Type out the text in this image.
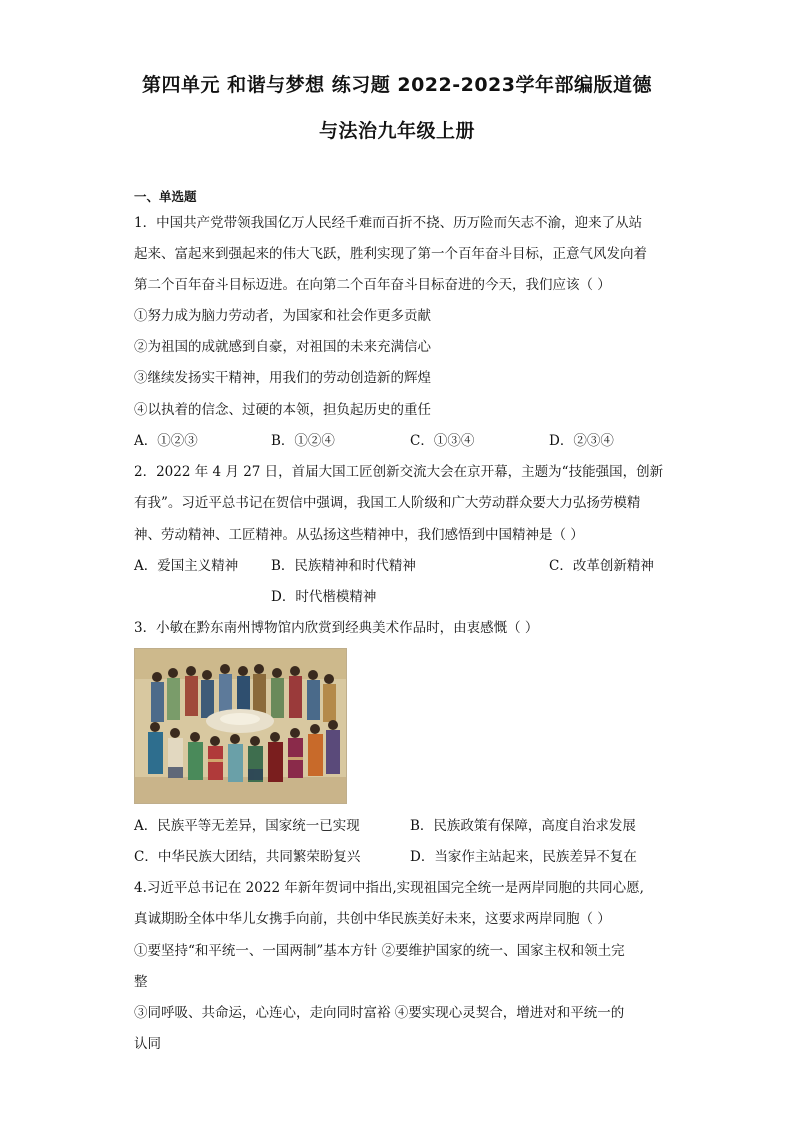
第四单元 和谐与梦想 练习题 2022-2023学年部编版道德
与法治九年级上册
一、单选题
1．中国共产党带领我国亿万人民经千难而百折不挠、历万险而矢志不渝，迎来了从站
起来、富起来到强起来的伟大飞跃，胜利实现了第一个百年奋斗目标，正意气风发向着
第二个百年奋斗目标迈进。在向第二个百年奋斗目标奋进的今天，我们应该（ ）
①努力成为脑力劳动者，为国家和社会作更多贡献
②为祖国的成就感到自豪，对祖国的未来充满信心
③继续发扬实干精神，用我们的劳动创造新的辉煌
④以执着的信念、过硬的本领，担负起历史的重任
A．①②③	B．①②④	C．①③④	D．②③④
2．2022 年 4 月 27 日，首届大国工匠创新交流大会在京开幕，主题为“技能强国，创新
有我”。习近平总书记在贺信中强调，我国工人阶级和广大劳动群众要大力弘扬劳模精
神、劳动精神、工匠精神。从弘扬这些精神中，我们感悟到中国精神是（ ）
A．爱国主义精神 B．民族精神和时代精神	C．改革创新精神
D．时代楷模精神
3．小敏在黔东南州博物馆内欣赏到经典美术作品时，由衷感慨（ ）
A．民族平等无差异，国家统一已实现	B．民族政策有保障，高度自治求发展
C．中华民族大团结，共同繁荣盼复兴	D．当家作主站起来，民族差异不复在
4.习近平总书记在 2022 年新年贺词中指出,实现祖国完全统一是两岸同胞的共同心愿,
真诚期盼全体中华儿女携手向前，共创中华民族美好未来，这要求两岸同胞（ ）
①要坚持“和平统一、一国两制”基本方针 ②要维护国家的统一、国家主权和领土完
整
③同呼吸、共命运，心连心，走向同时富裕 ④要实现心灵契合，增进对和平统一的
认同
